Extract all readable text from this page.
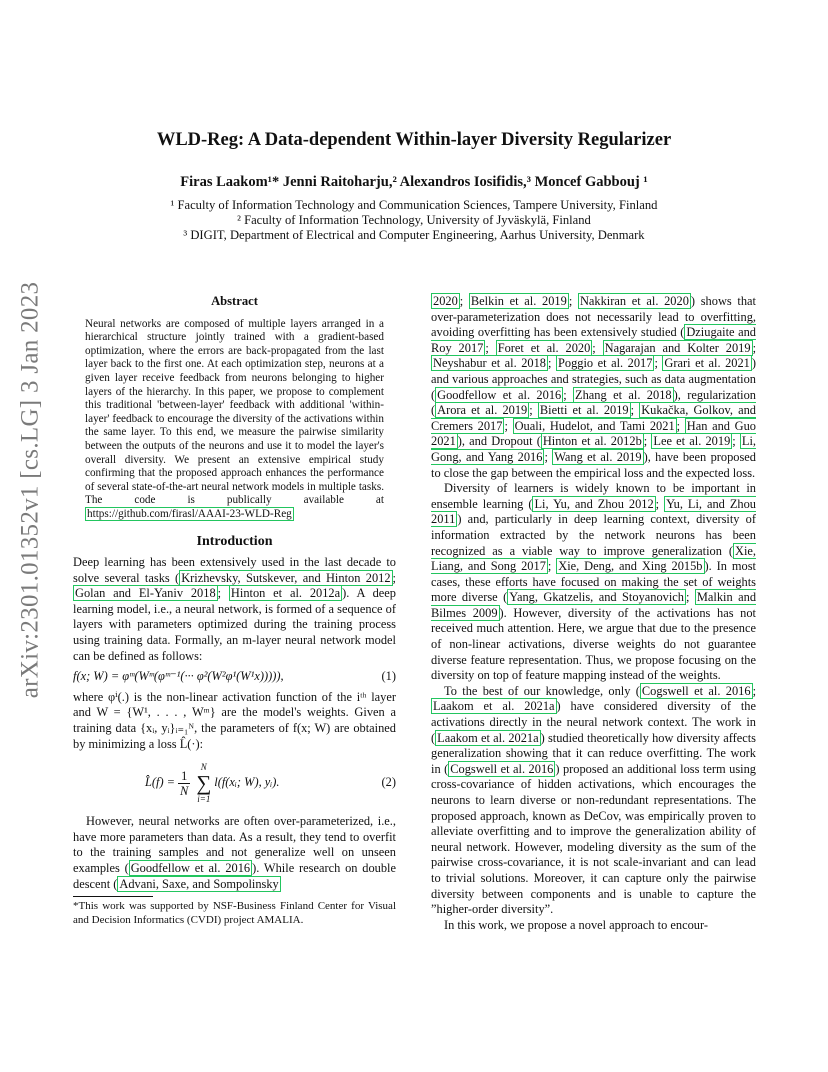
arXiv:2301.01352v1 [cs.LG] 3 Jan 2023
WLD-Reg: A Data-dependent Within-layer Diversity Regularizer
Firas Laakom¹* Jenni Raitoharju,² Alexandros Iosifidis,³ Moncef Gabbouj ¹
¹ Faculty of Information Technology and Communication Sciences, Tampere University, Finland
² Faculty of Information Technology, University of Jyväskylä, Finland
³ DIGIT, Department of Electrical and Computer Engineering, Aarhus University, Denmark
Abstract

Neural networks are composed of multiple layers arranged in a hierarchical structure jointly trained with a gradient-based optimization, where the errors are back-propagated from the last layer back to the first one. At each optimization step, neurons at a given layer receive feedback from neurons belonging to higher layers of the hierarchy. In this paper, we propose to complement this traditional 'between-layer' feedback with additional 'within-layer' feedback to encourage the diversity of the activations within the same layer. To this end, we measure the pairwise similarity between the outputs of the neurons and use it to model the layer's overall diversity. We present an extensive empirical study confirming that the proposed approach enhances the performance of several state-of-the-art neural network models in multiple tasks. The code is publically available at https://github.com/firasl/AAAI-23-WLD-Reg

Introduction

Deep learning has been extensively used in the last decade to solve several tasks ( Krizhevsky, Sutskever, and Hinton 2012 ; Golan and El-Yaniv 2018 ; Hinton et al. 2012a ). A deep learning model, i.e., a neural network, is formed of a sequence of layers with parameters optimized during the training process using training data. Formally, an m-layer neural network model can be defined as follows:

f(x; W) = φᵐ(Wᵐ(φᵐ⁻¹(··· φ²(W²φ¹(W¹x))))),	(1)

where φⁱ(.) is the non-linear activation function of the iᵗʰ layer and W = {W¹, . . . , Wᵐ} are the model's weights. Given a training data {xᵢ, yᵢ}ᵢ₌₁ᴺ, the parameters of f(x; W) are obtained by minimizing a loss L̂(·):

L̂(f) = $\frac{1}{N}$
N
∑
i=1
l(f(xᵢ; W), yᵢ).	(2)

However, neural networks are often over-parameterized, i.e., have more parameters than data. As a result, they tend to overfit to the training samples and not generalize well on unseen examples ( Goodfellow et al. 2016 ). While research on double descent ( Advani, Saxe, and Sompolinsky

*This work was supported by NSF-Business Finland Center for Visual and Decision Informatics (CVDI) project AMALIA.

2020 ; Belkin et al. 2019 ; Nakkiran et al. 2020 ) shows that over-parameterization does not necessarily lead to overfitting, avoiding overfitting has been extensively studied ( Dziugaite and Roy 2017 ; Foret et al. 2020 ; Nagarajan and Kolter 2019 ; Neyshabur et al. 2018 ; Poggio et al. 2017 ; Grari et al. 2021 ) and various approaches and strategies, such as data augmentation ( Goodfellow et al. 2016 ; Zhang et al. 2018 ), regularization ( Arora et al. 2019 ; Bietti et al. 2019 ; Kukačka, Golkov, and Cremers 2017 ; Ouali, Hudelot, and Tami 2021 ; Han and Guo 2021 ), and Dropout ( Hinton et al. 2012b ; Lee et al. 2019 ; Li, Gong, and Yang 2016 ; Wang et al. 2019 ), have been proposed to close the gap between the empirical loss and the expected loss.

Diversity of learners is widely known to be important in ensemble learning ( Li, Yu, and Zhou 2012 ; Yu, Li, and Zhou 2011 ) and, particularly in deep learning context, diversity of information extracted by the network neurons has been recognized as a viable way to improve generalization ( Xie, Liang, and Song 2017 ; Xie, Deng, and Xing 2015b ). In most cases, these efforts have focused on making the set of weights more diverse ( Yang, Gkatzelis, and Stoyanovich ; Malkin and Bilmes 2009 ). However, diversity of the activations has not received much attention. Here, we argue that due to the presence of non-linear activations, diverse weights do not guarantee diverse feature representation. Thus, we propose focusing on the diversity on top of feature mapping instead of the weights.

To the best of our knowledge, only ( Cogswell et al. 2016 ; Laakom et al. 2021a ) have considered diversity of the activations directly in the neural network context. The work in ( Laakom et al. 2021a ) studied theoretically how diversity affects generalization showing that it can reduce overfitting. The work in ( Cogswell et al. 2016 ) proposed an additional loss term using cross-covariance of hidden activations, which encourages the neurons to learn diverse or non-redundant representations. The proposed approach, known as DeCov, was empirically proven to alleviate overfitting and to improve the generalization ability of neural network. However, modeling diversity as the sum of the pairwise cross-covariance, it is not scale-invariant and can lead to trivial solutions. Moreover, it can capture only the pairwise diversity between components and is unable to capture the ”higher-order diversity”.

In this work, we propose a novel approach to encour-
